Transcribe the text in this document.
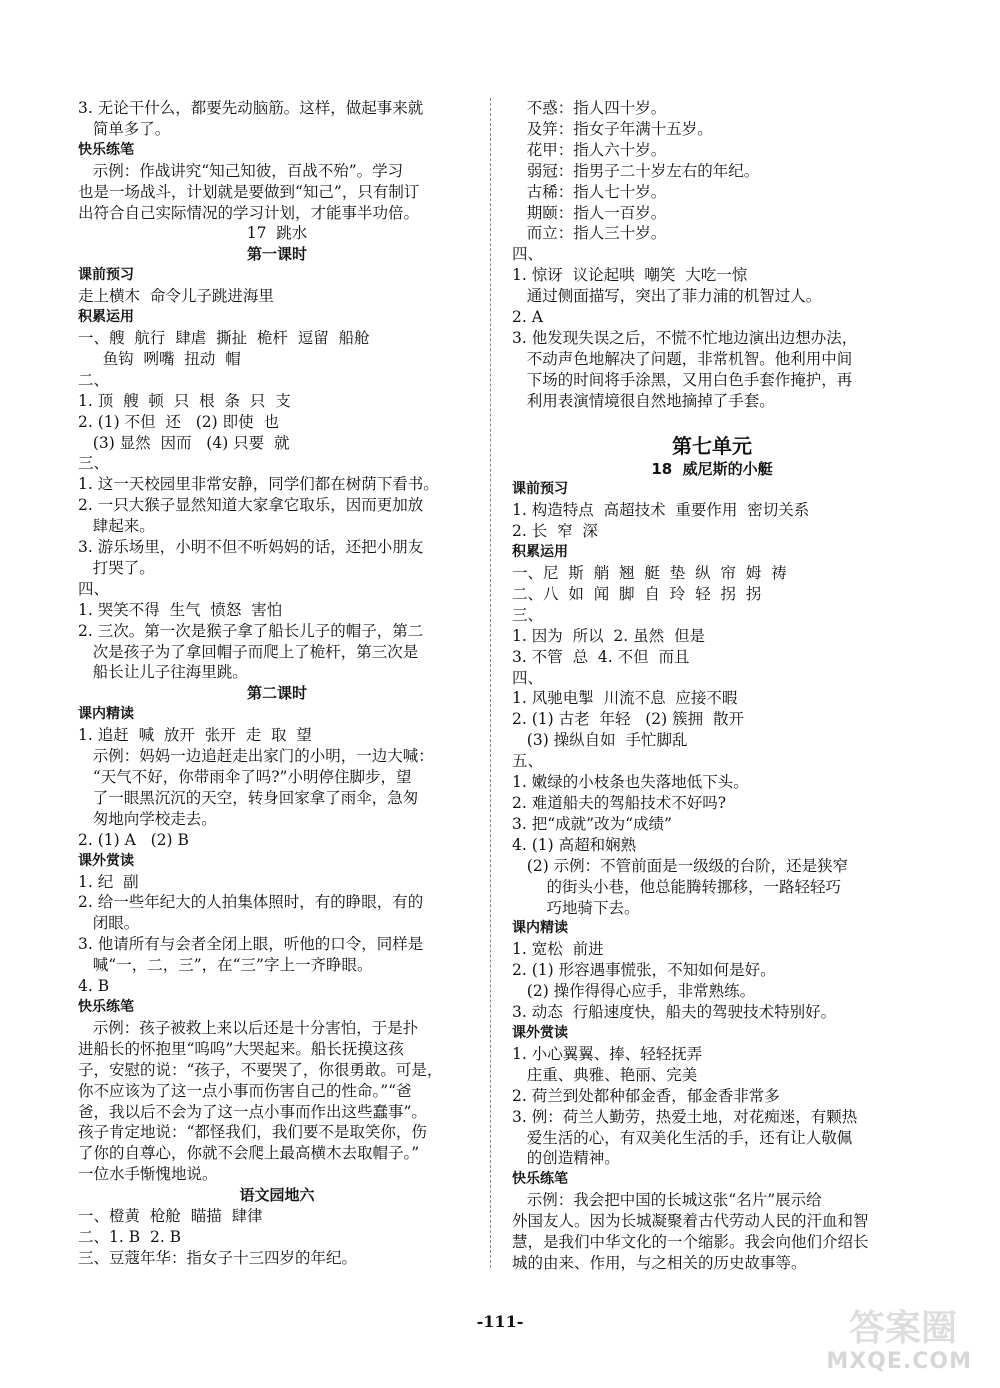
3. 无论干什么，都要先动脑筋。这样，做起事来就
简单多了。
快乐练笔
示例：作战讲究“知己知彼，百战不殆”。学习
也是一场战斗，计划就是要做到“知己”，只有制订
出符合自己实际情况的学习计划，才能事半功倍。
17  跳水
第一课时
课前预习
走上横木  命令儿子跳进海里
积累运用
一、艘  航行  肆虐  撕扯  桅杆  逗留  船舱
鱼钩  咧嘴  扭动  帽
二、
1. 顶  艘  顿  只  根  条  只  支
2. (1) 不但  还   (2) 即使  也
(3) 显然  因而   (4) 只要  就
三、
1. 这一天校园里非常安静，同学们都在树荫下看书。
2. 一只大猴子显然知道大家拿它取乐，因而更加放
肆起来。
3. 游乐场里，小明不但不听妈妈的话，还把小朋友
打哭了。
四、
1. 哭笑不得  生气  愤怒  害怕
2. 三次。第一次是猴子拿了船长儿子的帽子，第二
次是孩子为了拿回帽子而爬上了桅杆，第三次是
船长让儿子往海里跳。
第二课时
课内精读
1. 追赶  喊  放开  张开  走  取  望
示例：妈妈一边追赶走出家门的小明，一边大喊：
“天气不好，你带雨伞了吗?”小明停住脚步，望
了一眼黑沉沉的天空，转身回家拿了雨伞，急匆
匆地向学校走去。
2. (1) A   (2) B
课外赏读
1. 纪  副
2. 给一些年纪大的人拍集体照时，有的睁眼，有的
闭眼。
3. 他请所有与会者全闭上眼，听他的口令，同样是
喊“一，二，三”，在“三”字上一齐睁眼。
4. B
快乐练笔
示例：孩子被救上来以后还是十分害怕，于是扑
进船长的怀抱里“呜呜”大哭起来。船长抚摸这孩
子，安慰的说：“孩子，不要哭了，你很勇敢。可是，
你不应该为了这一点小事而伤害自己的性命。”“爸
爸，我以后不会为了这一点小事而作出这些蠢事”。
孩子肯定地说：“都怪我们，我们要不是取笑你，伤
了你的自尊心，你就不会爬上最高横木去取帽子。”
一位水手惭愧地说。
语文园地六
一、橙黄  枪舱  瞄描  肆律
二、1. B  2. B
三、豆蔻年华：指女子十三四岁的年纪。
不惑：指人四十岁。
及笄：指女子年满十五岁。
花甲：指人六十岁。
弱冠：指男子二十岁左右的年纪。
古稀：指人七十岁。
期颐：指人一百岁。
而立：指人三十岁。
四、
1. 惊讶  议论起哄  嘲笑  大吃一惊
通过侧面描写，突出了菲力浦的机智过人。
2. A
3. 他发现失误之后，不慌不忙地边演出边想办法，
不动声色地解决了问题，非常机智。他利用中间
下场的时间将手涂黑，又用白色手套作掩护，再
利用表演情境很自然地摘掉了手套。

第七单元
18  威尼斯的小艇
课前预习
1. 构造特点  高超技术  重要作用  密切关系
2. 长  窄  深
积累运用
一、尼  斯  艄  翘  艇  垫  纵  帘  姆  祷
二、八  如  闻  脚  自  玲  轻  拐  拐
三、
1. 因为  所以  2. 虽然  但是
3. 不管  总  4. 不但  而且
四、
1. 风驰电掣  川流不息  应接不暇
2. (1) 古老  年轻   (2) 簇拥  散开
(3) 操纵自如  手忙脚乱
五、
1. 嫩绿的小枝条也失落地低下头。
2. 难道船夫的驾船技术不好吗?
3. 把“成就”改为“成绩”
4. (1) 高超和娴熟
(2) 示例：不管前面是一级级的台阶，还是狭窄
的街头小巷，他总能腾转挪移，一路轻轻巧
巧地骑下去。
课内精读
1. 宽松  前进
2. (1) 形容遇事慌张，不知如何是好。
(2) 操作得得心应手，非常熟练。
3. 动态  行船速度快，船夫的驾驶技术特别好。
课外赏读
1. 小心翼翼、捧、轻轻抚弄
庄重、典雅、艳丽、完美
2. 荷兰到处都种郁金香，郁金香非常多
3. 例：荷兰人勤劳，热爱土地，对花痴迷，有颗热
爱生活的心，有双美化生活的手，还有让人敬佩
的创造精神。
快乐练笔
示例：我会把中国的长城这张“名片”展示给
外国友人。因为长城凝聚着古代劳动人民的汗血和智
慧，是我们中华文化的一个缩影。我会向他们介绍长
城的由来、作用，与之相关的历史故事等。
-111-	答案圈
MXQE.COM
